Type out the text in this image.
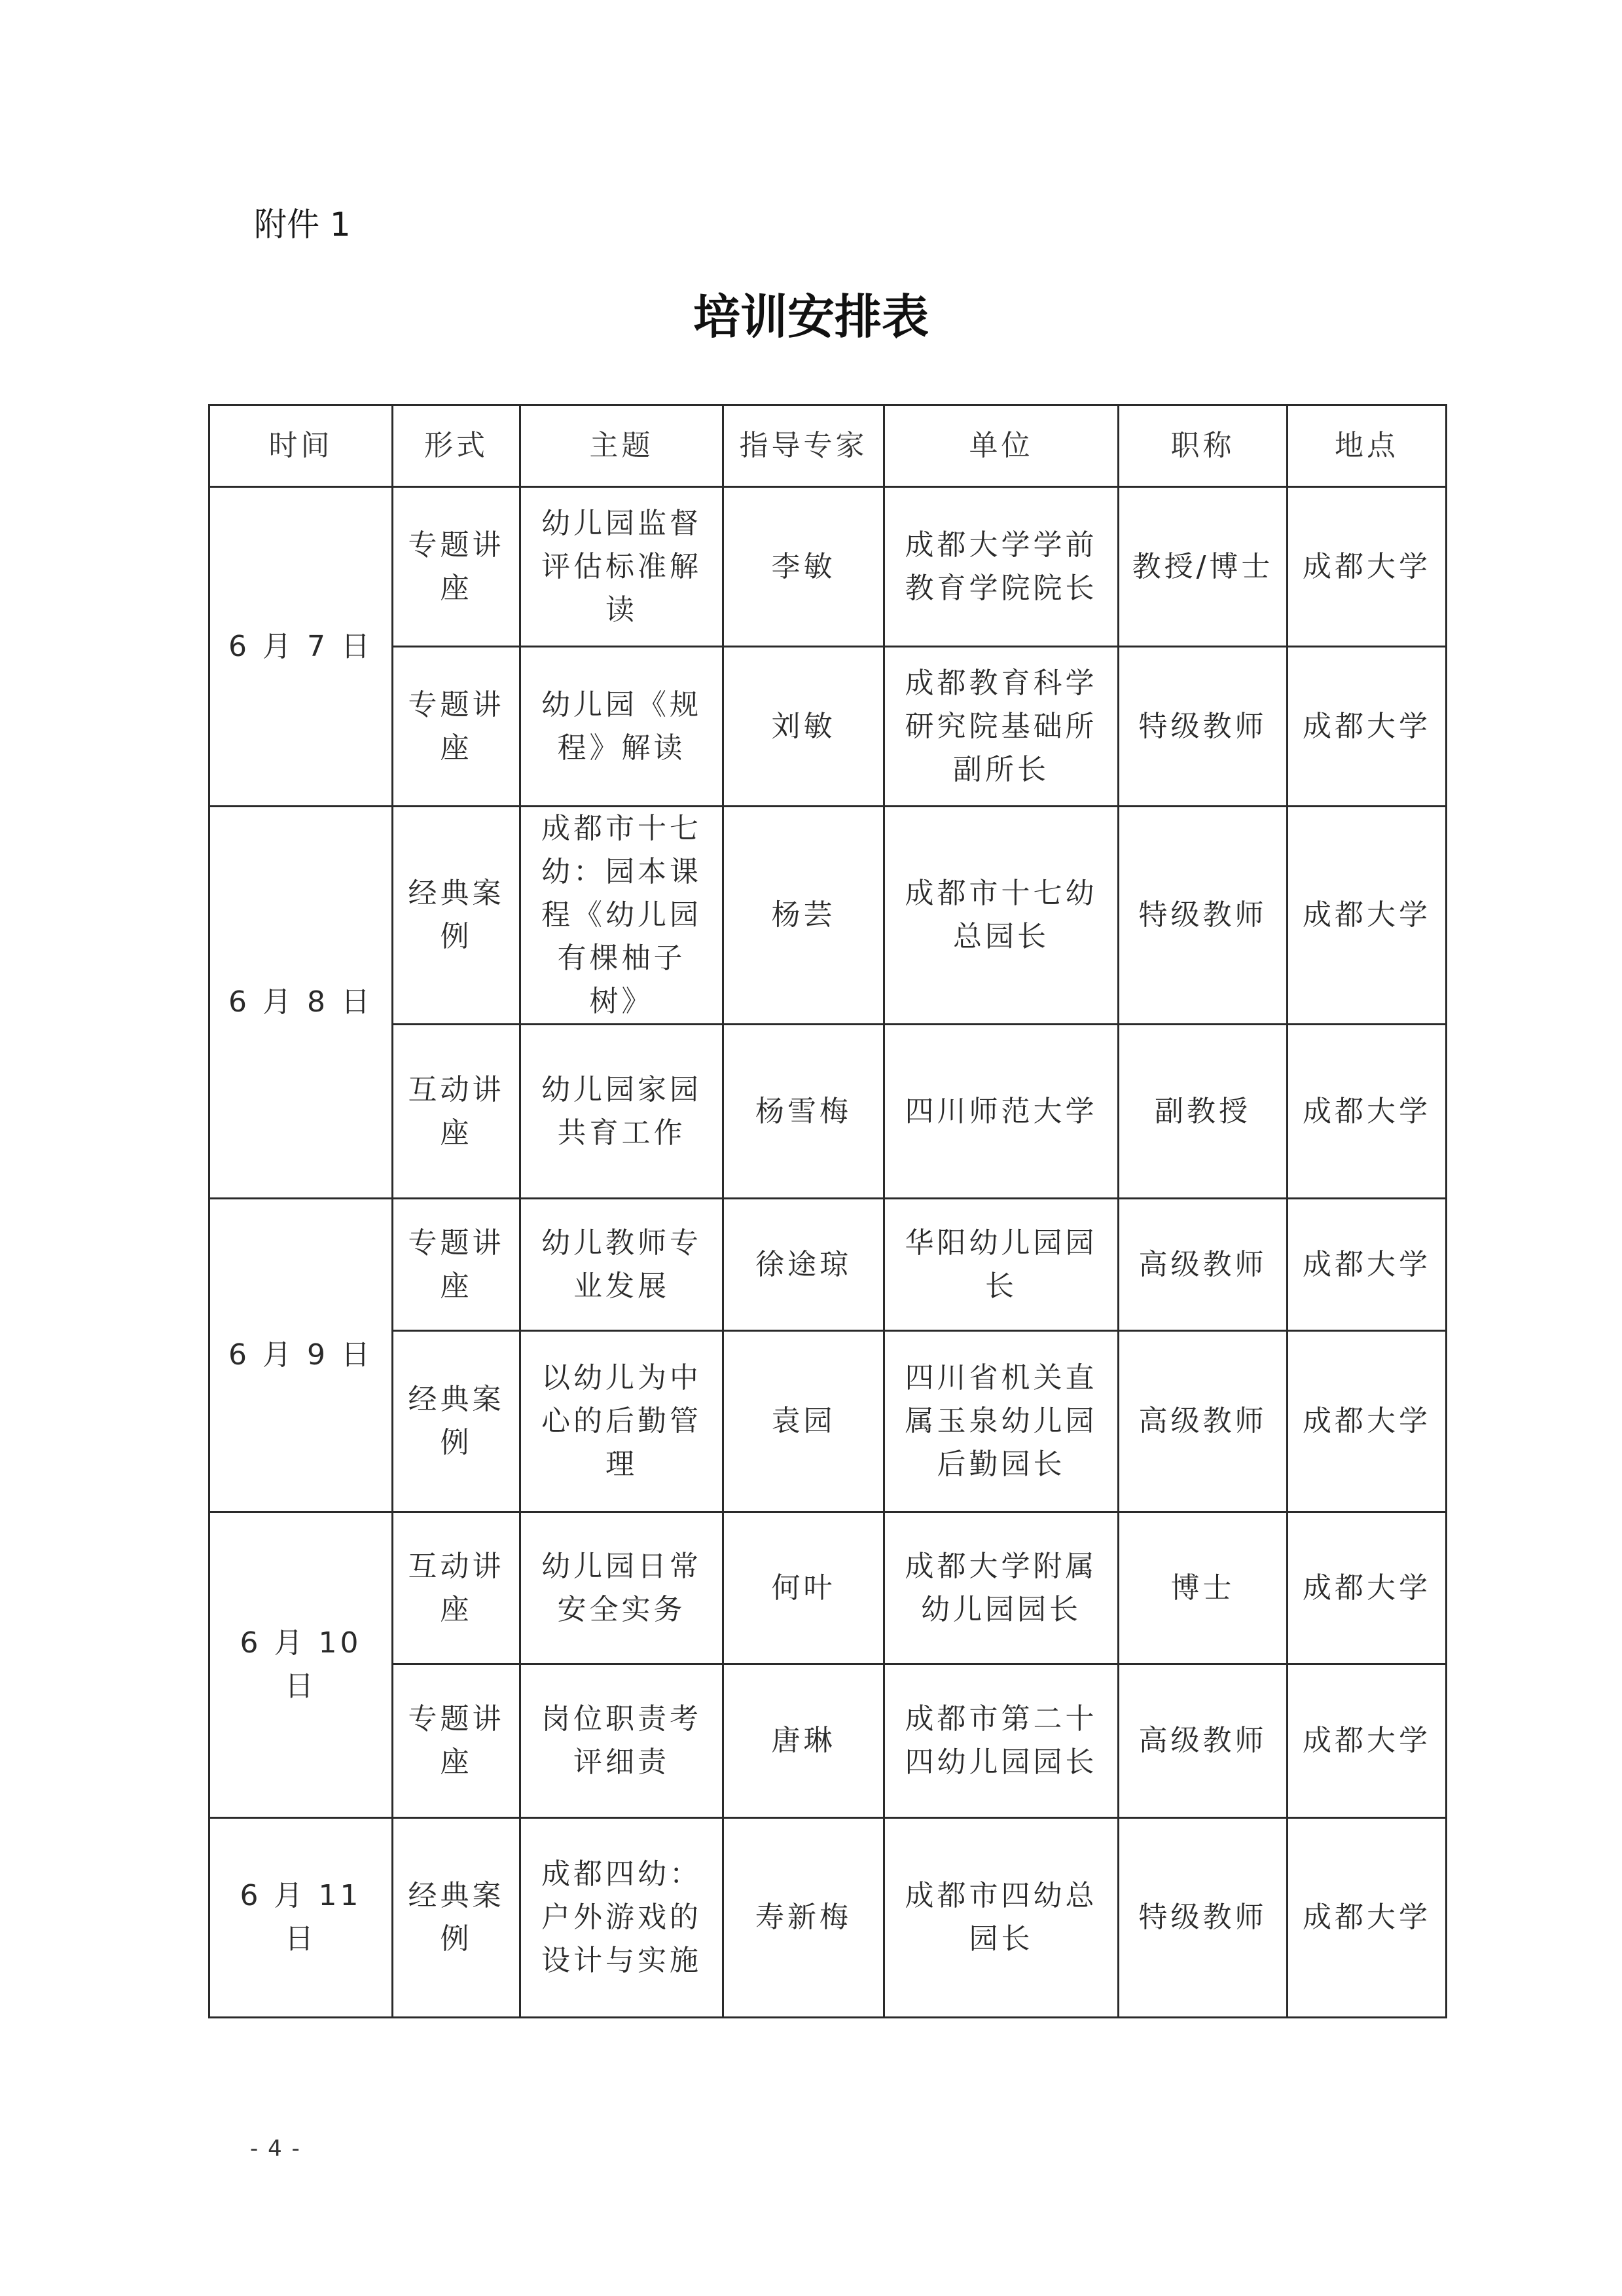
附件 1
培训安排表
时间	形式	主题	指导专家	单位	职称	地点
6 月 7 日	专题讲座	幼儿园监督评估标准解读	李敏	成都大学学前教育学院院长	教授/博士	成都大学
	专题讲座	幼儿园《规程》解读	刘敏	成都教育科学研究院基础所副所长	特级教师	成都大学
6 月 8 日	经典案例	成都市十七幼：园本课程《幼儿园有棵柚子树》	杨芸	成都市十七幼总园长	特级教师	成都大学
	互动讲座	幼儿园家园共育工作	杨雪梅	四川师范大学	副教授	成都大学
6 月 9 日	专题讲座	幼儿教师专业发展	徐途琼	华阳幼儿园园长	高级教师	成都大学
	经典案例	以幼儿为中心的后勤管理	袁园	四川省机关直属玉泉幼儿园后勤园长	高级教师	成都大学
6 月 10 日	互动讲座	幼儿园日常安全实务	何叶	成都大学附属幼儿园园长	博士	成都大学
	专题讲座	岗位职责考评细责	唐琳	成都市第二十四幼儿园园长	高级教师	成都大学
6 月 11 日	经典案例	成都四幼：户外游戏的设计与实施	寿新梅	成都市四幼总园长	特级教师	成都大学
- 4 -
